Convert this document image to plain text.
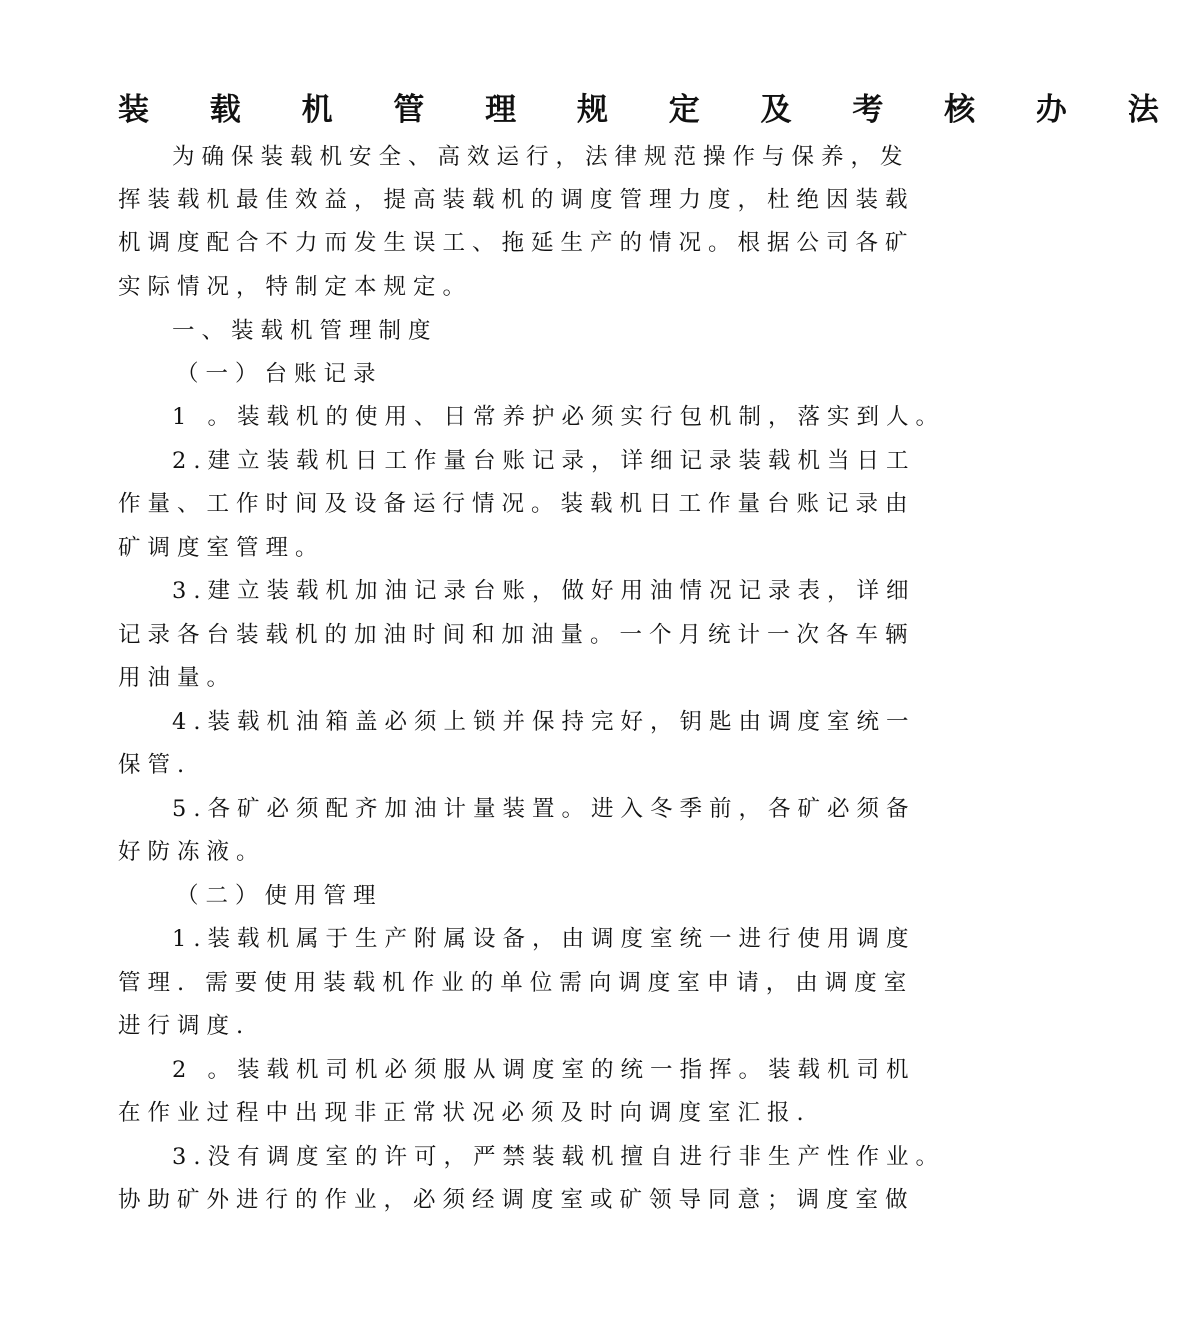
装 载 机 管 理 规 定 及 考 核 办 法
为确保装载机安全、高效运行，法律规范操作与保养，发
挥装载机最佳效益，提高装载机的调度管理力度，杜绝因装载
机调度配合不力而发生误工、拖延生产的情况。根据公司各矿
实际情况，特制定本规定。
一、装载机管理制度
（一）台账记录
1 。装载机的使用、日常养护必须实行包机制，落实到人。
2.建立装载机日工作量台账记录，详细记录装载机当日工
作量、工作时间及设备运行情况。装载机日工作量台账记录由
矿调度室管理。
3.建立装载机加油记录台账，做好用油情况记录表，详细
记录各台装载机的加油时间和加油量。一个月统计一次各车辆
用油量。
4.装载机油箱盖必须上锁并保持完好，钥匙由调度室统一
保管.
5.各矿必须配齐加油计量装置。进入冬季前，各矿必须备
好防冻液。
（二）使用管理
1.装载机属于生产附属设备，由调度室统一进行使用调度
管理. 需要使用装载机作业的单位需向调度室申请，由调度室
进行调度.
2 。装载机司机必须服从调度室的统一指挥。装载机司机
在作业过程中出现非正常状况必须及时向调度室汇报.
3.没有调度室的许可，严禁装载机擅自进行非生产性作业。
协助矿外进行的作业，必须经调度室或矿领导同意；调度室做
